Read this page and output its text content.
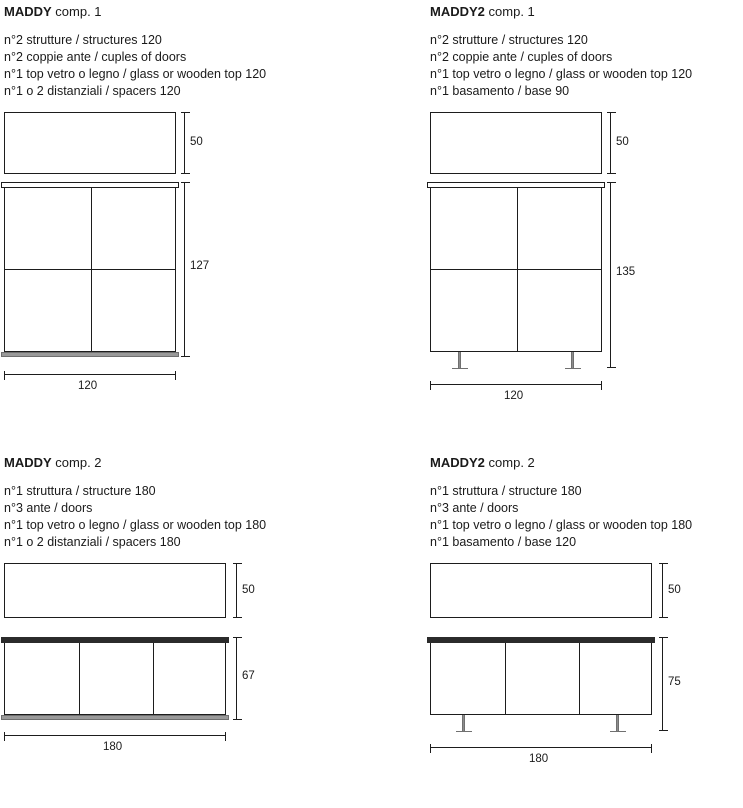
MADDY comp. 1
n°2 strutture / structures 120
n°2 coppie ante / cuples of doors
n°1 top vetro o legno / glass or wooden top 120
n°1 o 2 distanziali / spacers 120
50
127
120
MADDY2 comp. 1
n°2 strutture / structures 120
n°2 coppie ante / cuples of doors
n°1 top vetro o legno / glass or wooden top 120
n°1 basamento / base 90
50
135
120
MADDY comp. 2
n°1 struttura / structure 180
n°3 ante / doors
n°1 top vetro o legno / glass or wooden top 180
n°1 o 2 distanziali / spacers 180
50
67
180
MADDY2 comp. 2
n°1 struttura / structure 180
n°3 ante / doors
n°1 top vetro o legno / glass or wooden top 180
n°1 basamento / base 120
50
75
180
